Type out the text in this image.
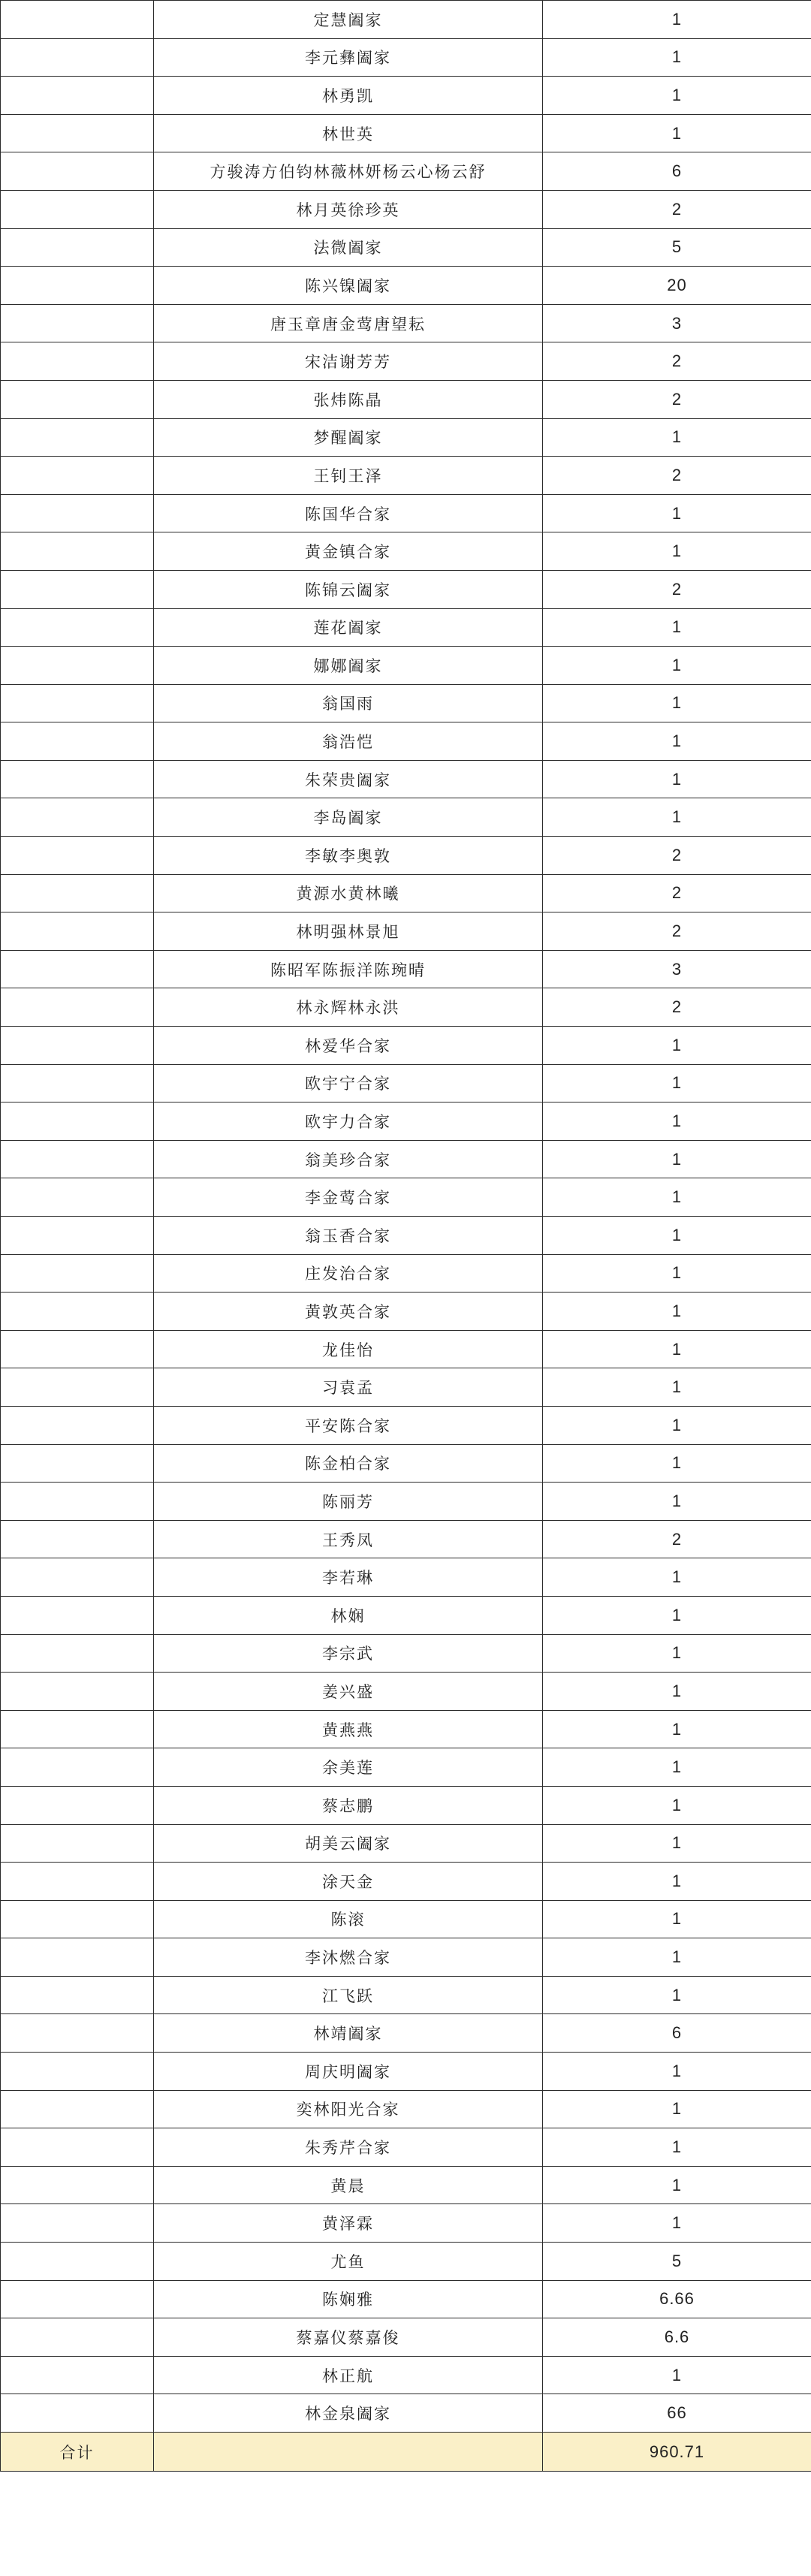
	定慧阖家	1
	李元彝阖家	1
	林勇凯	1
	林世英	1
	方骏涛方伯钧林薇林妍杨云心杨云舒	6
	林月英徐珍英	2
	法微阖家	5
	陈兴镍阖家	20
	唐玉章唐金莺唐望耘	3
	宋洁谢芳芳	2
	张炜陈晶	2
	梦醒阖家	1
	王钊王泽	2
	陈国华合家	1
	黄金镇合家	1
	陈锦云阖家	2
	莲花阖家	1
	娜娜阖家	1
	翁国雨	1
	翁浩恺	1
	朱荣贵阖家	1
	李岛阖家	1
	李敏李奥敦	2
	黄源水黄林曦	2
	林明强林景旭	2
	陈昭军陈振洋陈琬晴	3
	林永辉林永洪	2
	林爱华合家	1
	欧宇宁合家	1
	欧宇力合家	1
	翁美珍合家	1
	李金莺合家	1
	翁玉香合家	1
	庄发治合家	1
	黄敦英合家	1
	龙佳怡	1
	习袁孟	1
	平安陈合家	1
	陈金柏合家	1
	陈丽芳	1
	王秀凤	2
	李若琳	1
	林娴	1
	李宗武	1
	姜兴盛	1
	黄燕燕	1
	余美莲	1
	蔡志鹏	1
	胡美云阖家	1
	涂天金	1
	陈滚	1
	李沐燃合家	1
	江飞跃	1
	林靖阖家	6
	周庆明阖家	1
	奕林阳光合家	1
	朱秀芹合家	1
	黄晨	1
	黄泽霖	1
	尤鱼	5
	陈娴雅	6.66
	蔡嘉仪蔡嘉俊	6.6
	林正航	1
	林金泉阖家	66
合计		960.71
